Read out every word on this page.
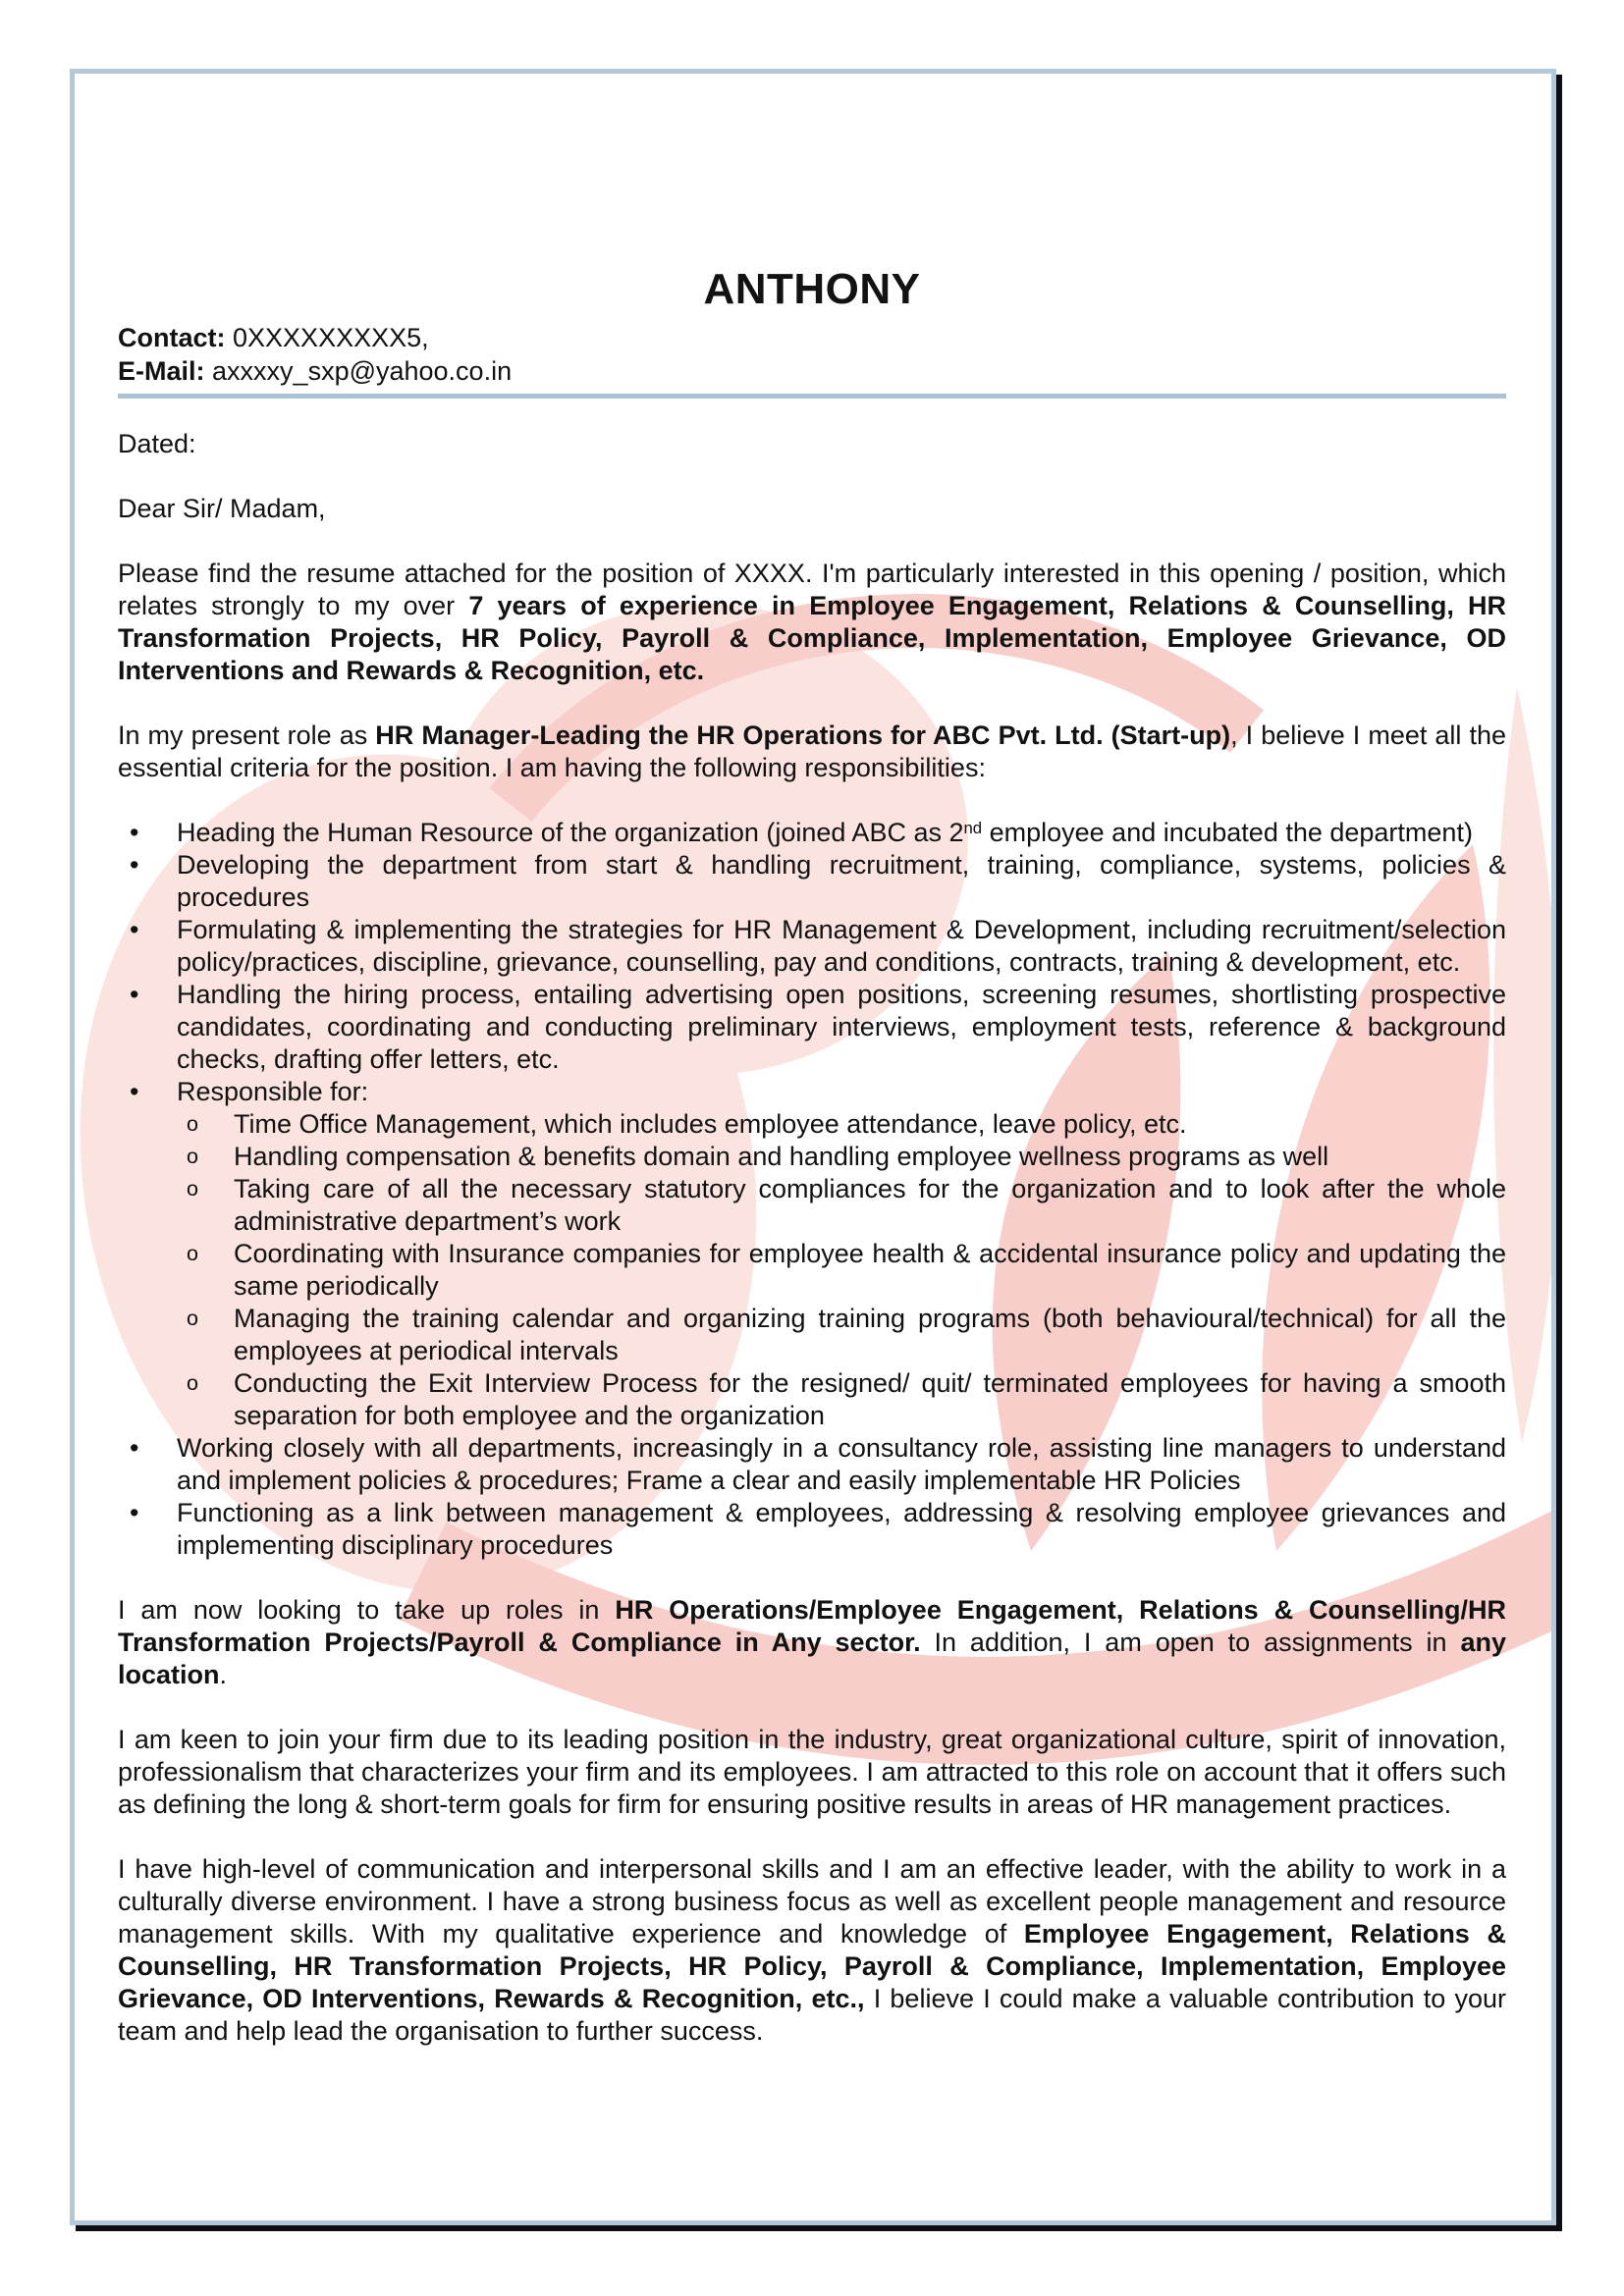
ANTHONY
Contact: 0XXXXXXXXX5,
E-Mail: axxxxy_sxp@yahoo.co.in
Dated:
Dear Sir/ Madam,
Please find the resume attached for the position of XXXX. I'm particularly interested in this opening / position, which relates strongly to my over 7 years of experience in Employee Engagement, Relations & Counselling, HR Transformation Projects, HR Policy, Payroll & Compliance, Implementation, Employee Grievance, OD Interventions and Rewards & Recognition, etc.
In my present role as HR Manager-Leading the HR Operations for ABC Pvt. Ltd. (Start-up), I believe I meet all the essential criteria for the position. I am having the following responsibilities:
• Heading the Human Resource of the organization (joined ABC as 2nd employee and incubated the department)
• Developing the department from start & handling recruitment, training, compliance, systems, policies & procedures
• Formulating & implementing the strategies for HR Management & Development, including recruitment/selection policy/practices, discipline, grievance, counselling, pay and conditions, contracts, training & development, etc.
• Handling the hiring process, entailing advertising open positions, screening resumes, shortlisting prospective candidates, coordinating and conducting preliminary interviews, employment tests, reference & background checks, drafting offer letters, etc.
• Responsible for:
o Time Office Management, which includes employee attendance, leave policy, etc.
o Handling compensation & benefits domain and handling employee wellness programs as well
o Taking care of all the necessary statutory compliances for the organization and to look after the whole administrative department’s work
o Coordinating with Insurance companies for employee health & accidental insurance policy and updating the same periodically
o Managing the training calendar and organizing training programs (both behavioural/technical) for all the employees at periodical intervals
o Conducting the Exit Interview Process for the resigned/ quit/ terminated employees for having a smooth separation for both employee and the organization
• Working closely with all departments, increasingly in a consultancy role, assisting line managers to understand and implement policies & procedures; Frame a clear and easily implementable HR Policies
• Functioning as a link between management & employees, addressing & resolving employee grievances and implementing disciplinary procedures
I am now looking to take up roles in HR Operations/Employee Engagement, Relations & Counselling/HR Transformation Projects/Payroll & Compliance in Any sector. In addition, I am open to assignments in any location.
I am keen to join your firm due to its leading position in the industry, great organizational culture, spirit of innovation, professionalism that characterizes your firm and its employees. I am attracted to this role on account that it offers such as defining the long & short-term goals for firm for ensuring positive results in areas of HR management practices.
I have high-level of communication and interpersonal skills and I am an effective leader, with the ability to work in a culturally diverse environment. I have a strong business focus as well as excellent people management and resource management skills. With my qualitative experience and knowledge of Employee Engagement, Relations & Counselling, HR Transformation Projects, HR Policy, Payroll & Compliance, Implementation, Employee Grievance, OD Interventions, Rewards & Recognition, etc., I believe I could make a valuable contribution to your team and help lead the organisation to further success.
